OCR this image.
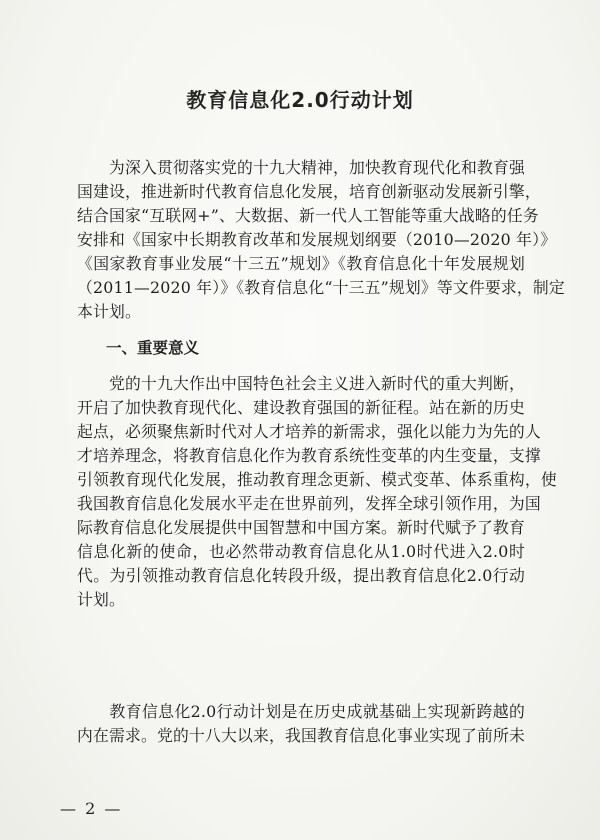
教育信息化2.0行动计划
　　为深入贯彻落实党的十九大精神，加快教育现代化和教育强
国建设，推进新时代教育信息化发展，培育创新驱动发展新引擎，
结合国家“互联网+”、大数据、新一代人工智能等重大战略的任务
安排和《国家中长期教育改革和发展规划纲要（2010—2020 年）》
《国家教育事业发展“十三五”规划》《教育信息化十年发展规划
（2011—2020 年）》《教育信息化“十三五”规划》等文件要求，制定
本计划。
一、重要意义
　　党的十九大作出中国特色社会主义进入新时代的重大判断，
开启了加快教育现代化、建设教育强国的新征程。站在新的历史
起点，必须聚焦新时代对人才培养的新需求，强化以能力为先的人
才培养理念，将教育信息化作为教育系统性变革的内生变量，支撑
引领教育现代化发展，推动教育理念更新、模式变革、体系重构，使
我国教育信息化发展水平走在世界前列，发挥全球引领作用，为国
际教育信息化发展提供中国智慧和中国方案。新时代赋予了教育
信息化新的使命，也必然带动教育信息化从1.0时代进入2.0时
代。为引领推动教育信息化转段升级，提出教育信息化2.0行动
计划。
　　教育信息化2.0行动计划是在历史成就基础上实现新跨越的
内在需求。党的十八大以来，我国教育信息化事业实现了前所未
— 2 —
